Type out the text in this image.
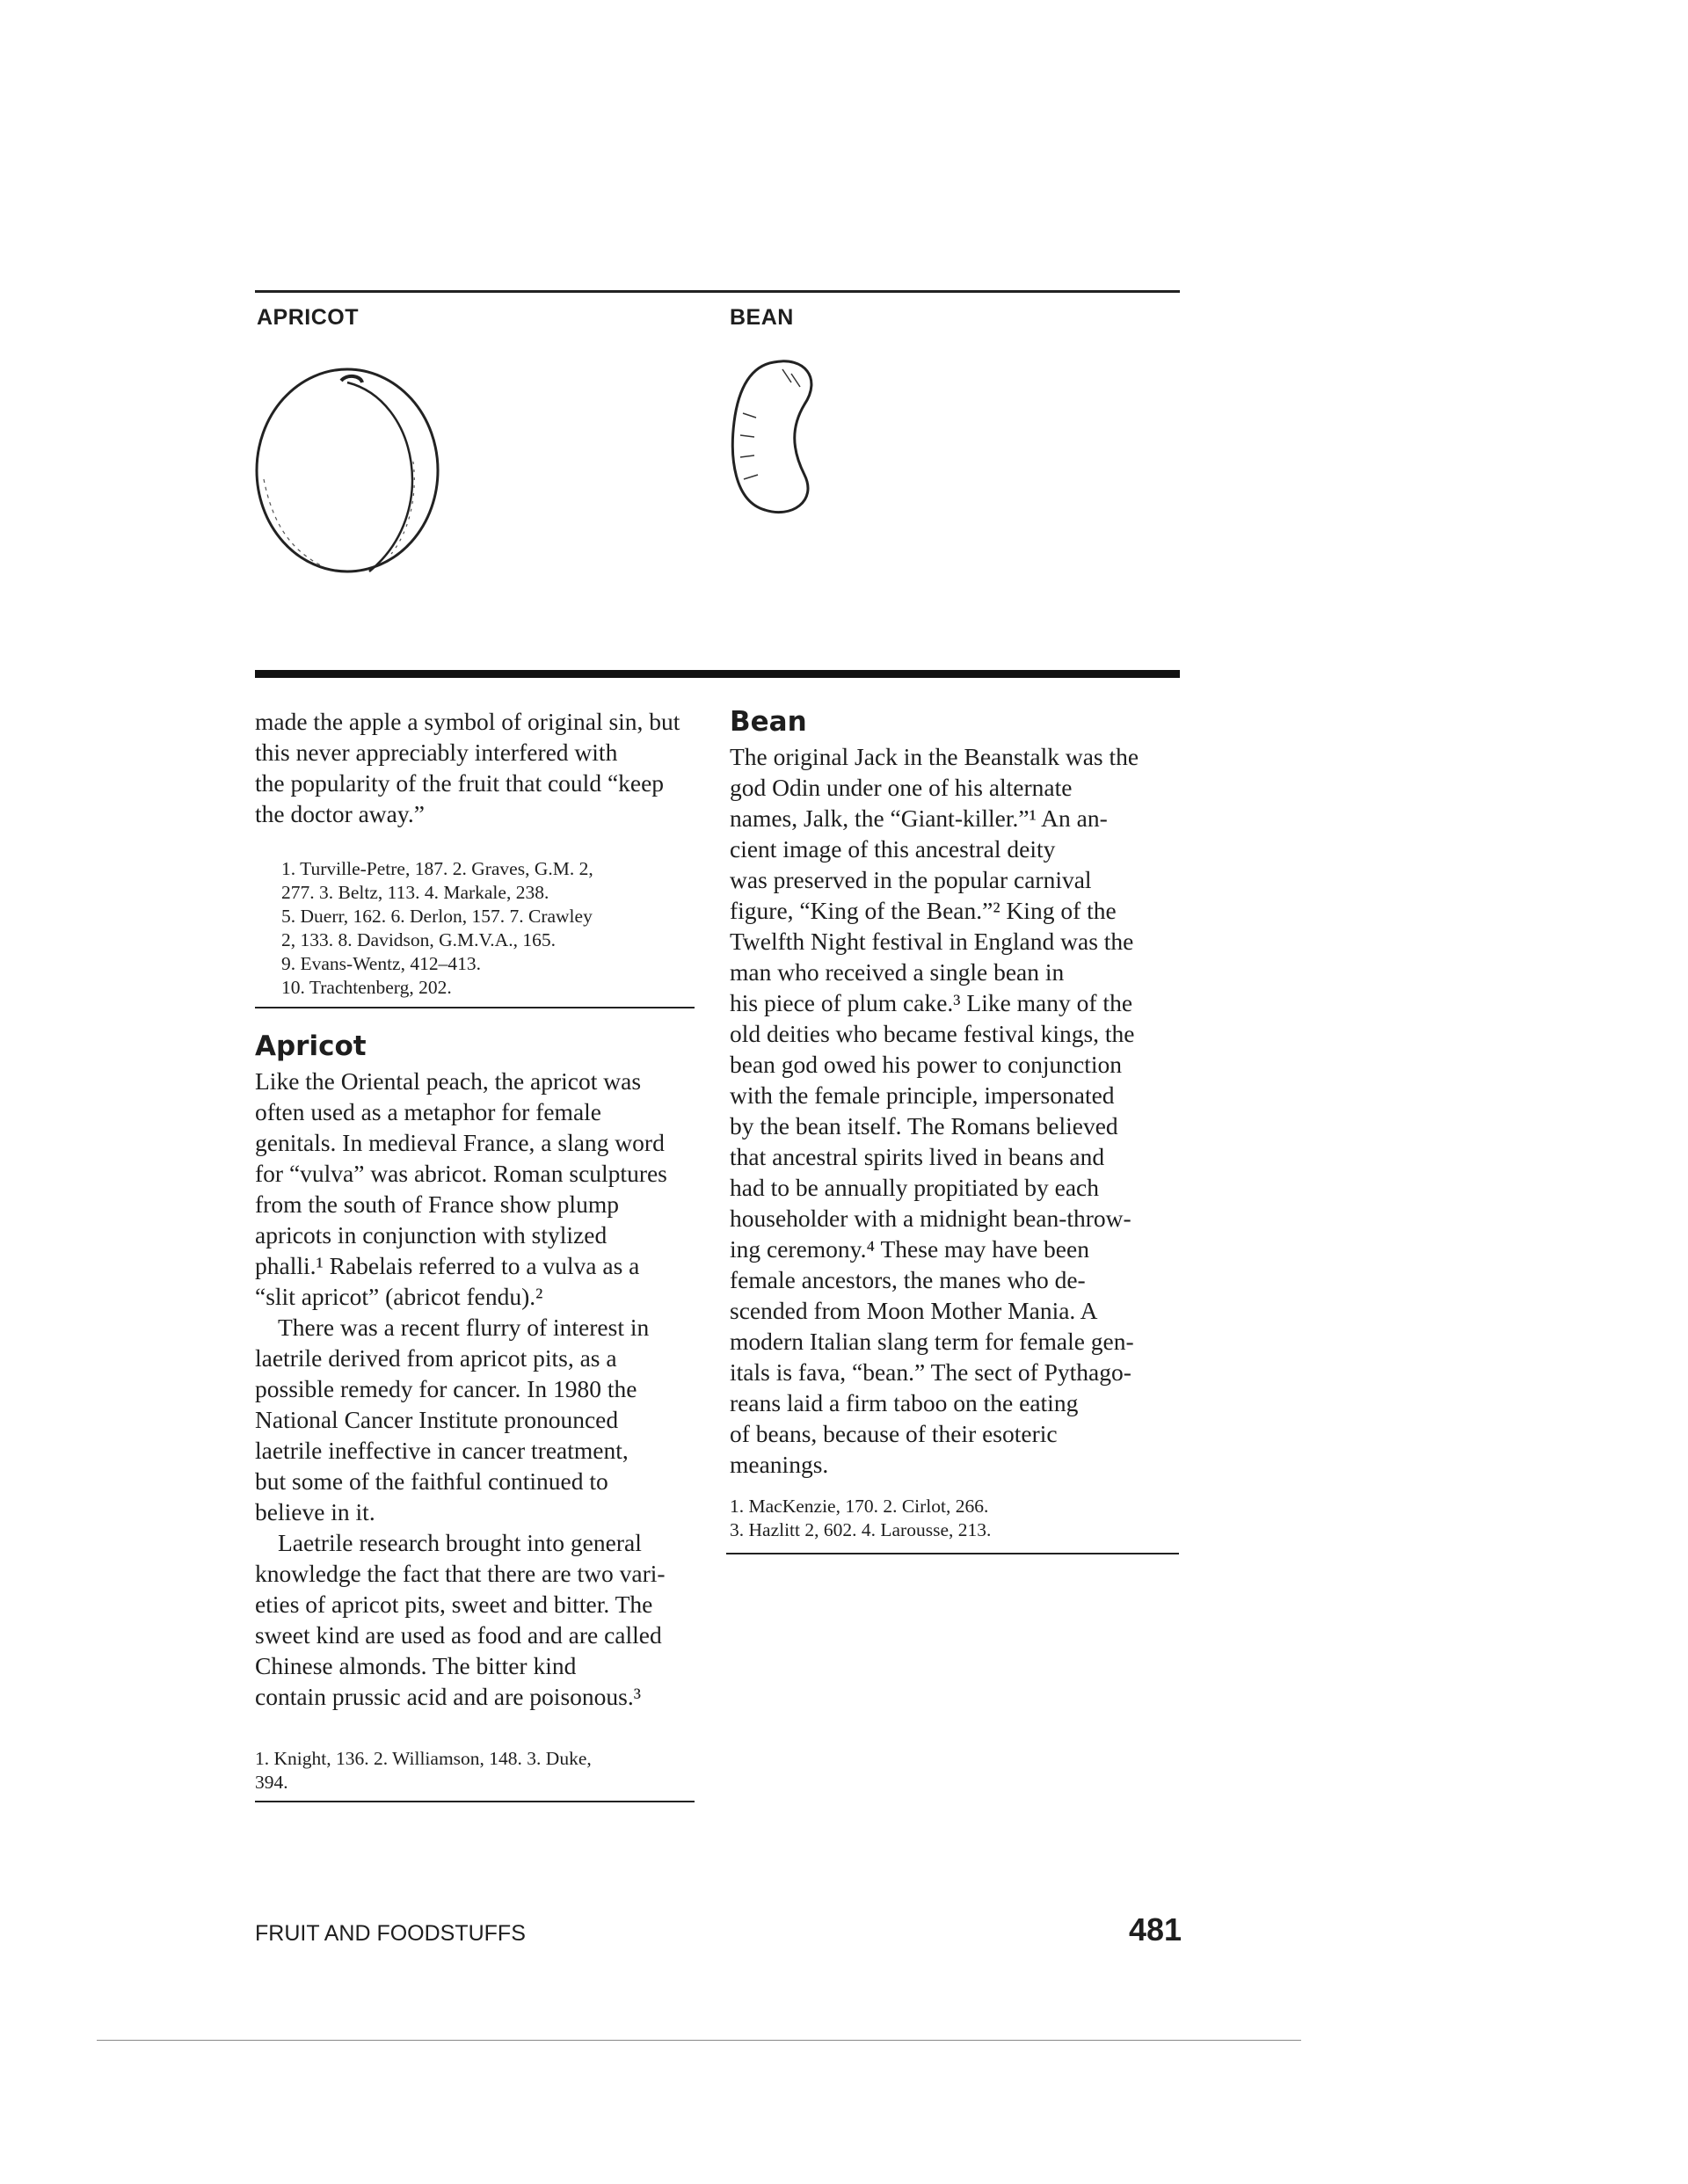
APRICOT	BEAN
made the apple a symbol of original sin, but
this never appreciably interfered with
the popularity of the fruit that could “keep
the doctor away.”
1. Turville-Petre, 187. 2. Graves, G.M. 2,
277. 3. Beltz, 113. 4. Markale, 238.
5. Duerr, 162. 6. Derlon, 157. 7. Crawley
2, 133. 8. Davidson, G.M.V.A., 165.
9. Evans-Wentz, 412–413.
10. Trachtenberg, 202.
Apricot
Like the Oriental peach, the apricot was
often used as a metaphor for female
genitals. In medieval France, a slang word
for “vulva” was abricot. Roman sculptures
from the south of France show plump
apricots in conjunction with stylized
phalli.¹ Rabelais referred to a vulva as a
“slit apricot” (abricot fendu).²
There was a recent flurry of interest in
laetrile derived from apricot pits, as a
possible remedy for cancer. In 1980 the
National Cancer Institute pronounced
laetrile ineffective in cancer treatment,
but some of the faithful continued to
believe in it.
Laetrile research brought into general
knowledge the fact that there are two vari-
eties of apricot pits, sweet and bitter. The
sweet kind are used as food and are called
Chinese almonds. The bitter kind
contain prussic acid and are poisonous.³
1. Knight, 136. 2. Williamson, 148. 3. Duke,
394.
Bean
The original Jack in the Beanstalk was the
god Odin under one of his alternate
names, Jalk, the “Giant-killer.”¹ An an-
cient image of this ancestral deity
was preserved in the popular carnival
figure, “King of the Bean.”² King of the
Twelfth Night festival in England was the
man who received a single bean in
his piece of plum cake.³ Like many of the
old deities who became festival kings, the
bean god owed his power to conjunction
with the female principle, impersonated
by the bean itself. The Romans believed
that ancestral spirits lived in beans and
had to be annually propitiated by each
householder with a midnight bean-throw-
ing ceremony.⁴ These may have been
female ancestors, the manes who de-
scended from Moon Mother Mania. A
modern Italian slang term for female gen-
itals is fava, “bean.” The sect of Pythago-
reans laid a firm taboo on the eating
of beans, because of their esoteric
meanings.
1. MacKenzie, 170. 2. Cirlot, 266.
3. Hazlitt 2, 602. 4. Larousse, 213.
FRUIT AND FOODSTUFFS	481
